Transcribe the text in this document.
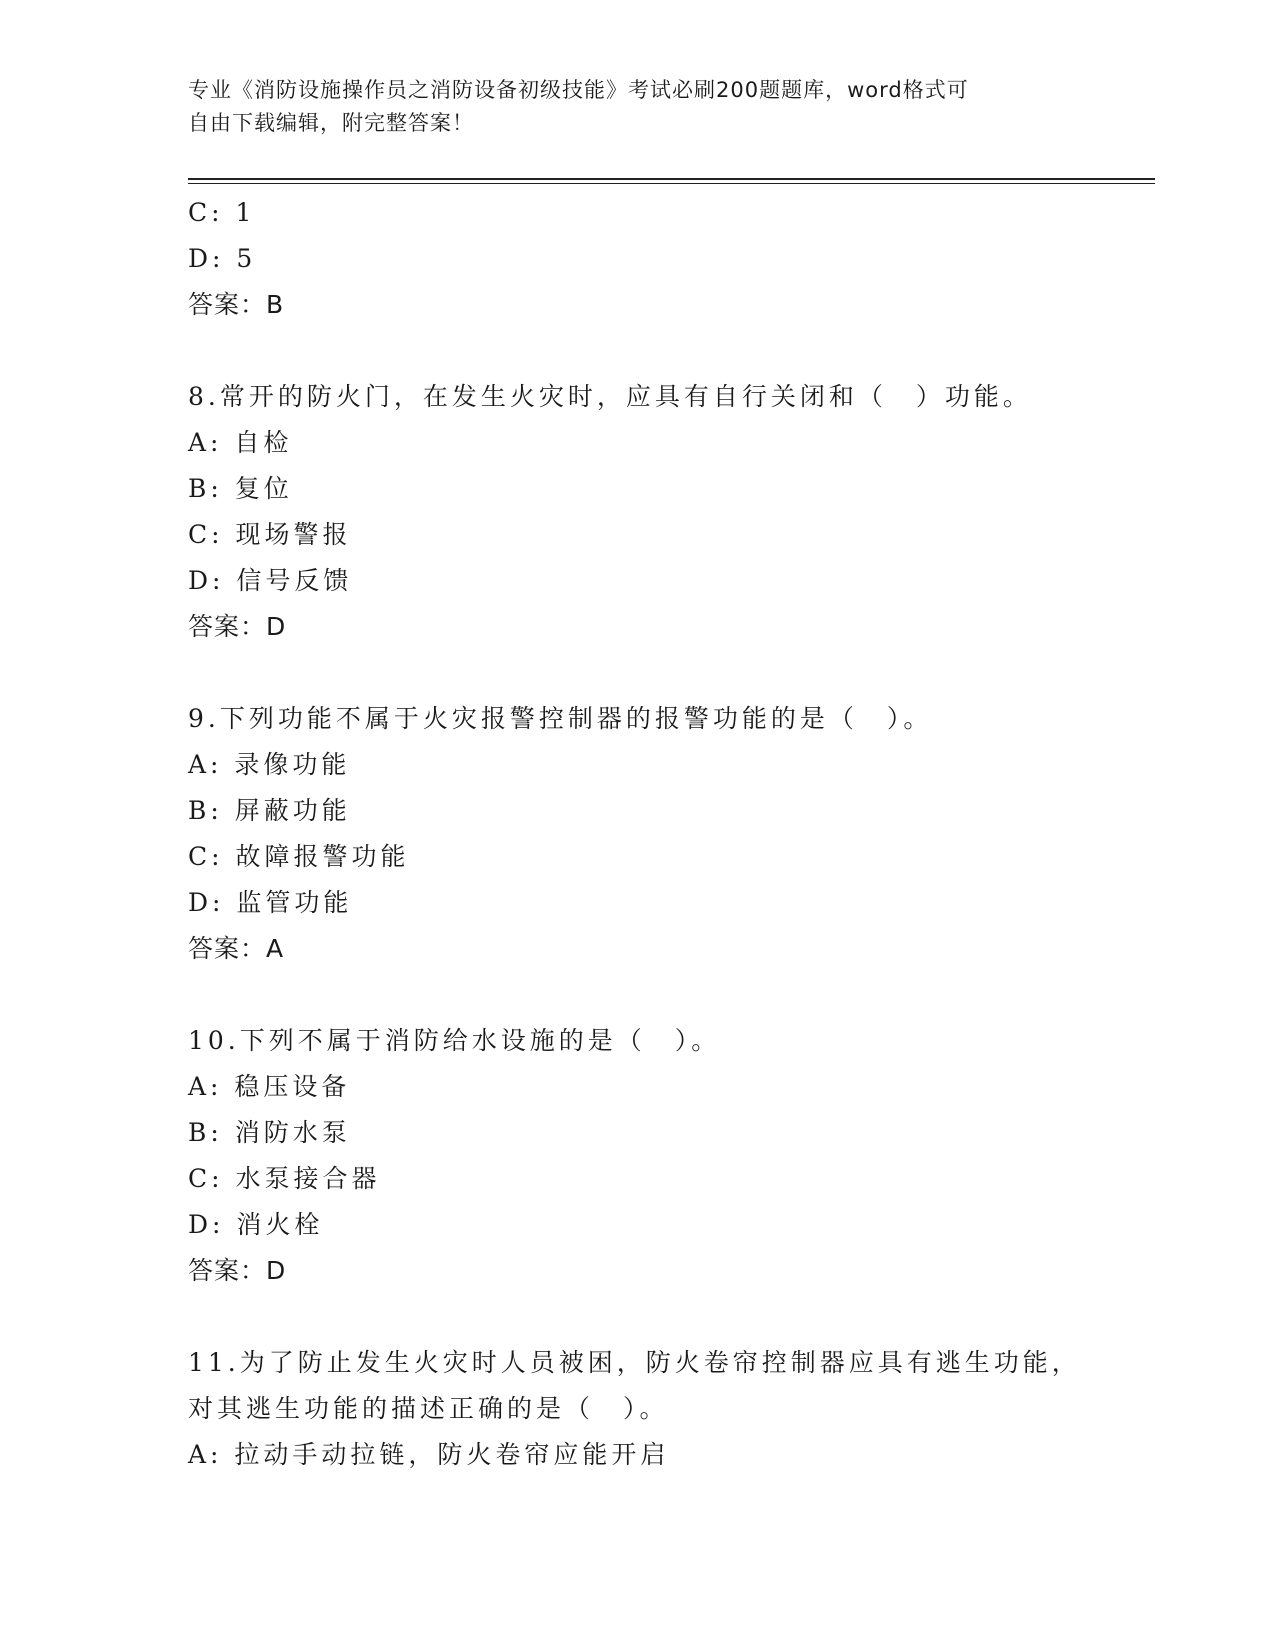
专业《消防设施操作员之消防设备初级技能》考试必刷200题题库，word格式可
自由下载编辑，附完整答案！
C: 1
D: 5
答案：B
8.常开的防火门，在发生火灾时，应具有自行关闭和（　）功能。
A: 自检
B: 复位
C: 现场警报
D: 信号反馈
答案：D
9.下列功能不属于火灾报警控制器的报警功能的是（　）。
A: 录像功能
B: 屏蔽功能
C: 故障报警功能
D: 监管功能
答案：A
10.下列不属于消防给水设施的是（　）。
A: 稳压设备
B: 消防水泵
C: 水泵接合器
D: 消火栓
答案：D
11.为了防止发生火灾时人员被困，防火卷帘控制器应具有逃生功能，
对其逃生功能的描述正确的是（　）。
A: 拉动手动拉链，防火卷帘应能开启
